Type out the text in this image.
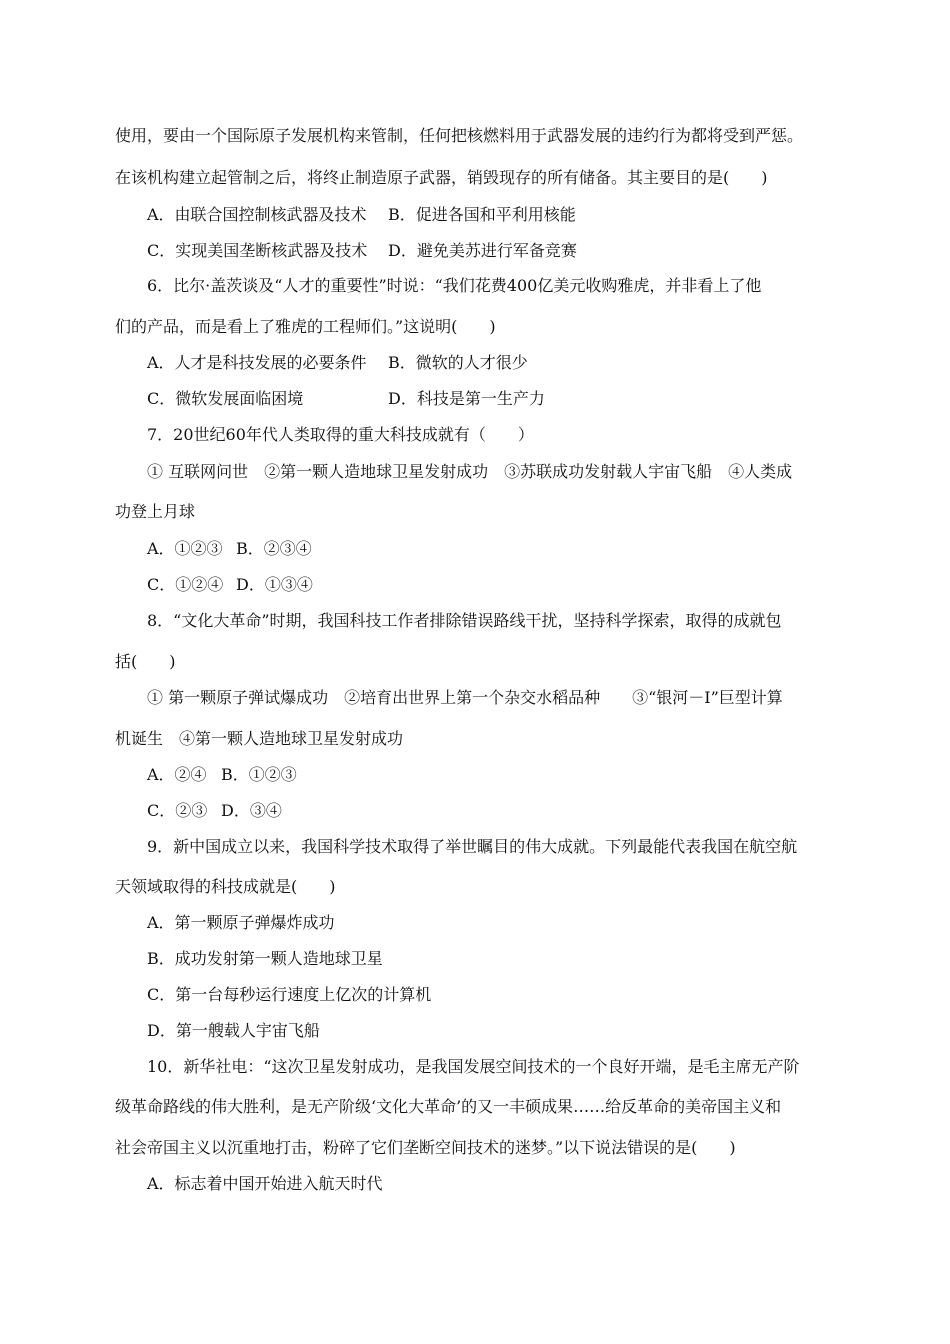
使用，要由一个国际原子发展机构来管制，任何把核燃料用于武器发展的违约行为都将受到严惩。
在该机构建立起管制之后，将终止制造原子武器，销毁现存的所有储备。其主要目的是(　　)
A．由联合国控制核武器及技术 B．促进各国和平利用核能
C．实现美国垄断核武器及技术 D．避免美苏进行军备竞赛
6．比尔·盖茨谈及“人才的重要性”时说：“我们花费400亿美元收购雅虎，并非看上了他
们的产品，而是看上了雅虎的工程师们。”这说明(　　)
A．人才是科技发展的必要条件 B．微软的人才很少
C．微软发展面临困境	D．科技是第一生产力
7．20世纪60年代人类取得的重大科技成就有（　　）
① 互联网问世　②第一颗人造地球卫星发射成功　③苏联成功发射载人宇宙飞船　④人类成
功登上月球
A．①②③ B．②③④
C．①②④ D．①③④
8．“文化大革命”时期，我国科技工作者排除错误路线干扰，坚持科学探索，取得的成就包
括(　　)
① 第一颗原子弹试爆成功　②培育出世界上第一个杂交水稻品种　　③“银河－I”巨型计算
机诞生　④第一颗人造地球卫星发射成功
A．②④ B．①②③
C．②③ D．③④
9．新中国成立以来，我国科学技术取得了举世瞩目的伟大成就。下列最能代表我国在航空航
天领域取得的科技成就是(　　)
A．第一颗原子弹爆炸成功
B．成功发射第一颗人造地球卫星
C．第一台每秒运行速度上亿次的计算机
D．第一艘载人宇宙飞船
10．新华社电：“这次卫星发射成功，是我国发展空间技术的一个良好开端，是毛主席无产阶
级革命路线的伟大胜利，是无产阶级‘文化大革命’的又一丰硕成果……给反革命的美帝国主义和
社会帝国主义以沉重地打击，粉碎了它们垄断空间技术的迷梦。”以下说法错误的是(　　)
A．标志着中国开始进入航天时代
